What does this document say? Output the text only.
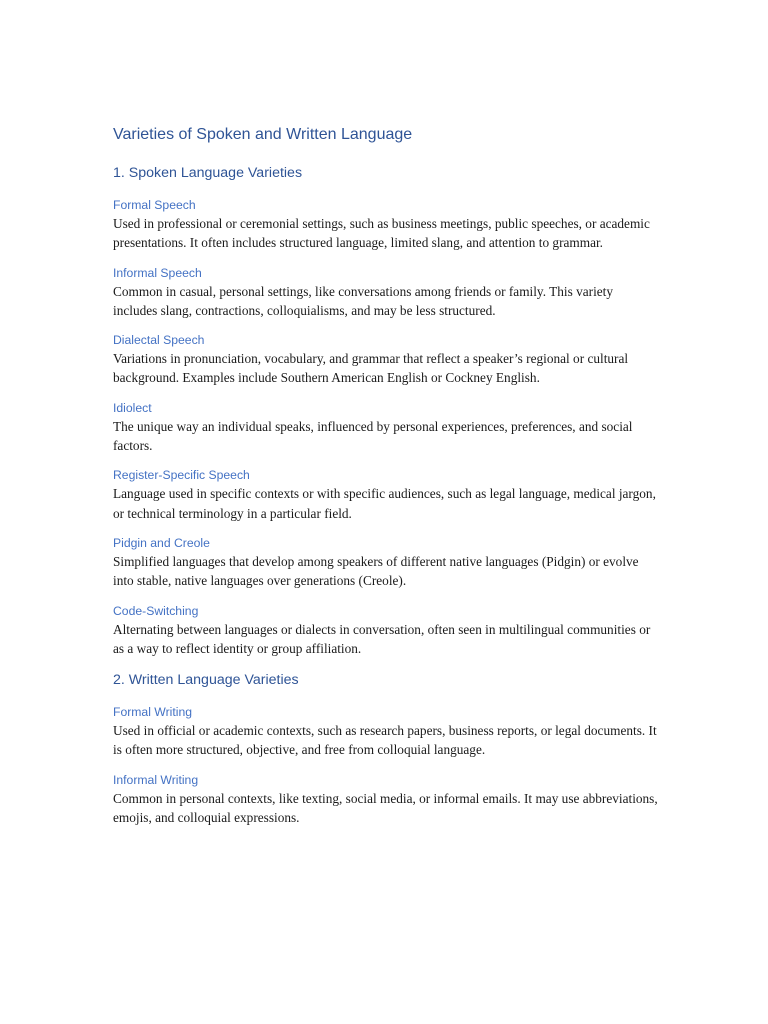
Varieties of Spoken and Written Language
1. Spoken Language Varieties
Formal Speech

Used in professional or ceremonial settings, such as business meetings, public speeches, or academic presentations. It often includes structured language, limited slang, and attention to grammar.

Informal Speech

Common in casual, personal settings, like conversations among friends or family. This variety includes slang, contractions, colloquialisms, and may be less structured.

Dialectal Speech

Variations in pronunciation, vocabulary, and grammar that reflect a speaker’s regional or cultural background. Examples include Southern American English or Cockney English.

Idiolect

The unique way an individual speaks, influenced by personal experiences, preferences, and social factors.

Register-Specific Speech

Language used in specific contexts or with specific audiences, such as legal language, medical jargon, or technical terminology in a particular field.

Pidgin and Creole

Simplified languages that develop among speakers of different native languages (Pidgin) or evolve into stable, native languages over generations (Creole).

Code-Switching

Alternating between languages or dialects in conversation, often seen in multilingual communities or as a way to reflect identity or group affiliation.

2. Written Language Varieties
Formal Writing

Used in official or academic contexts, such as research papers, business reports, or legal documents. It is often more structured, objective, and free from colloquial language.

Informal Writing

Common in personal contexts, like texting, social media, or informal emails. It may use abbreviations, emojis, and colloquial expressions.
